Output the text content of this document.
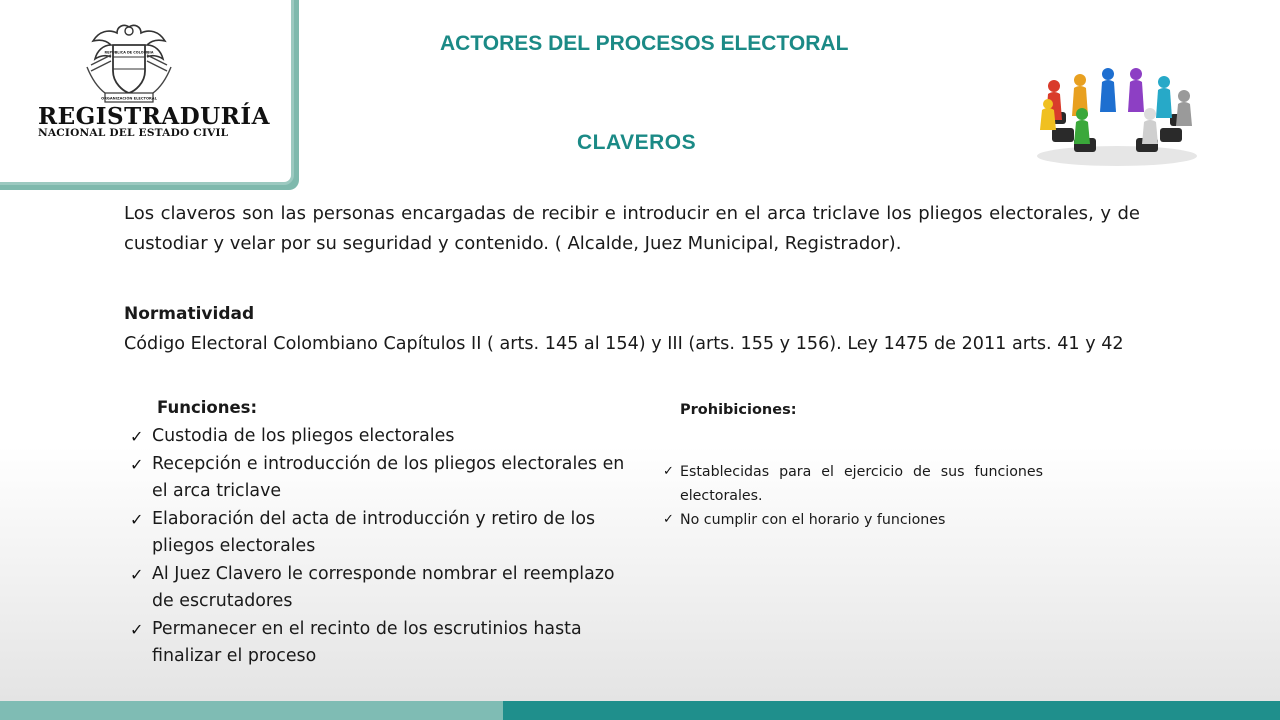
REPÚBLICA DE COLOMBIA
ORGANIZACIÓN ELECTORAL
REGISTRADURÍA
NACIONAL DEL ESTADO CIVIL
ACTORES DEL PROCESOS ELECTORAL
CLAVEROS

Los claveros son las personas encargadas de recibir e introducir en el arca triclave los pliegos electorales, y de custodiar y velar por su seguridad y contenido. ( Alcalde, Juez Municipal, Registrador).

Normatividad

Código Electoral Colombiano Capítulos II ( arts. 145 al 154) y III (arts. 155 y 156). Ley 1475 de 2011 arts. 41 y 42

Funciones:
✓ Custodia de los pliegos electorales
✓ Recepción e introducción de los pliegos electorales en el arca triclave
✓ Elaboración del acta de introducción y retiro de los pliegos electorales
✓ Al Juez Clavero le corresponde nombrar el reemplazo de escrutadores
✓ Permanecer en el recinto de los escrutinios hasta finalizar el proceso
Prohibiciones:
✓ Establecidas para el ejercicio de sus funciones electorales.
✓ No cumplir con el horario y funciones
